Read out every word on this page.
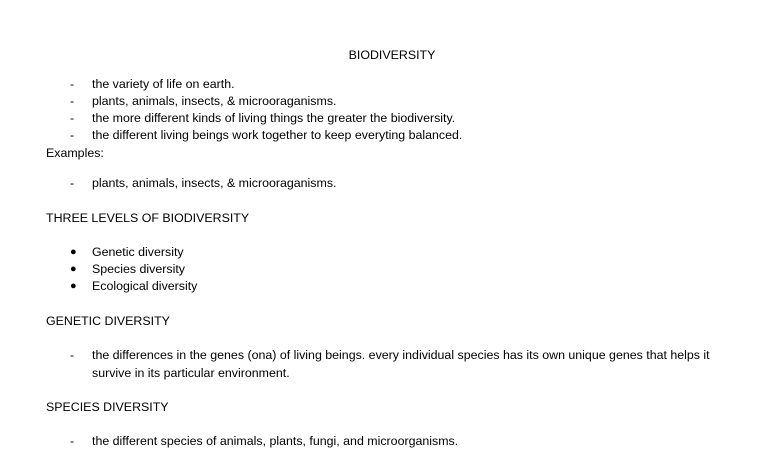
BIODIVERSITY
-	the variety of life on earth.
-	plants, animals, insects, & microoraganisms.
-	the more different kinds of living things the greater the biodiversity.
-	the different living beings work together to keep everyting balanced.
Examples:
-	plants, animals, insects, & microoraganisms.
THREE LEVELS OF BIODIVERSITY
● Genetic diversity
● Species diversity
● Ecological diversity
GENETIC DIVERSITY
-	the differences in the genes (ona) of living beings. every individual species has its own unique genes that helps it
survive in its particular environment.
SPECIES DIVERSITY
-	the different species of animals, plants, fungi, and microorganisms.
